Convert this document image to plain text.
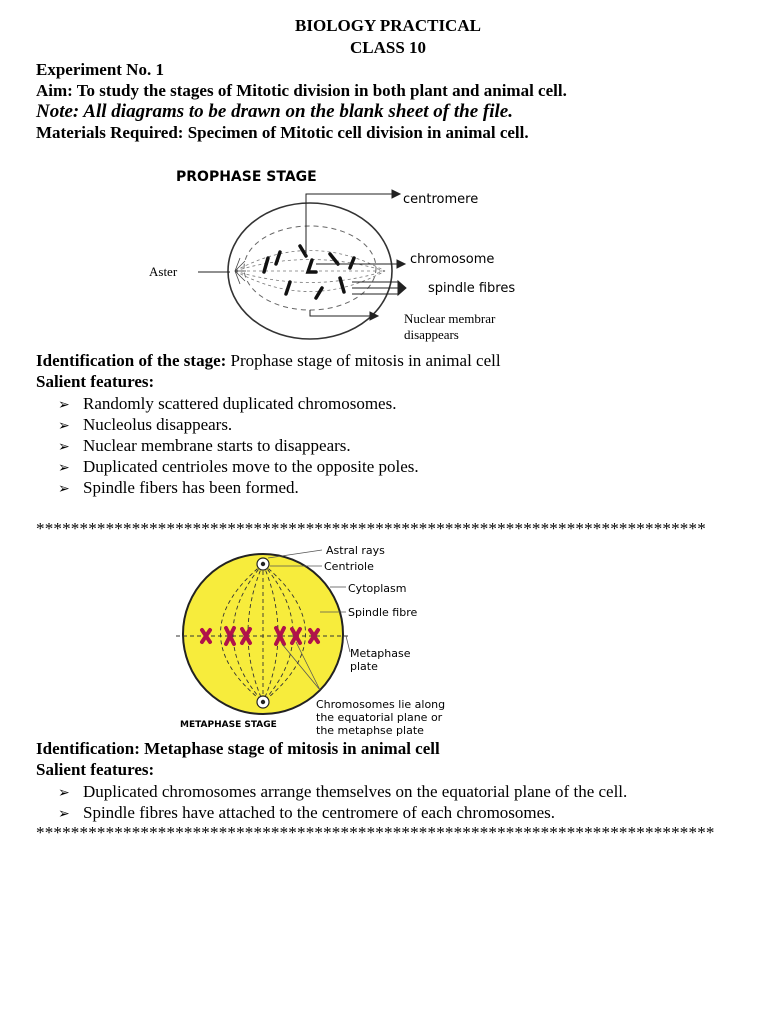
BIOLOGY PRACTICAL
CLASS 10
Experiment No. 1
Aim: To study the stages of Mitotic division in both plant and animal cell.
Note: All diagrams to be drawn on the blank sheet of the file.
Materials Required: Specimen of Mitotic cell division in animal cell.
PROPHASE STAGE
centromere
chromosome
spindle fibres
Nuclear membrar
disappears
Aster
Identification of the stage: Prophase stage of mitosis in animal cell
Salient features:
➢ Randomly scattered duplicated chromosomes.
➢ Nucleolus disappears.
➢ Nuclear membrane starts to disappears.
➢ Duplicated centrioles move to the opposite poles.
➢ Spindle fibers has been formed.
*****************************************************************************
Astral rays
Centriole
Cytoplasm
Spindle fibre
Metaphase
plate
Chromosomes lie along
the equatorial plane or
the metaphse plate
METAPHASE STAGE
Identification: Metaphase stage of mitosis in animal cell
Salient features:
➢ Duplicated chromosomes arrange themselves on the equatorial plane of the cell.
➢ Spindle fibres have attached to the centromere of each chromosomes.
******************************************************************************
